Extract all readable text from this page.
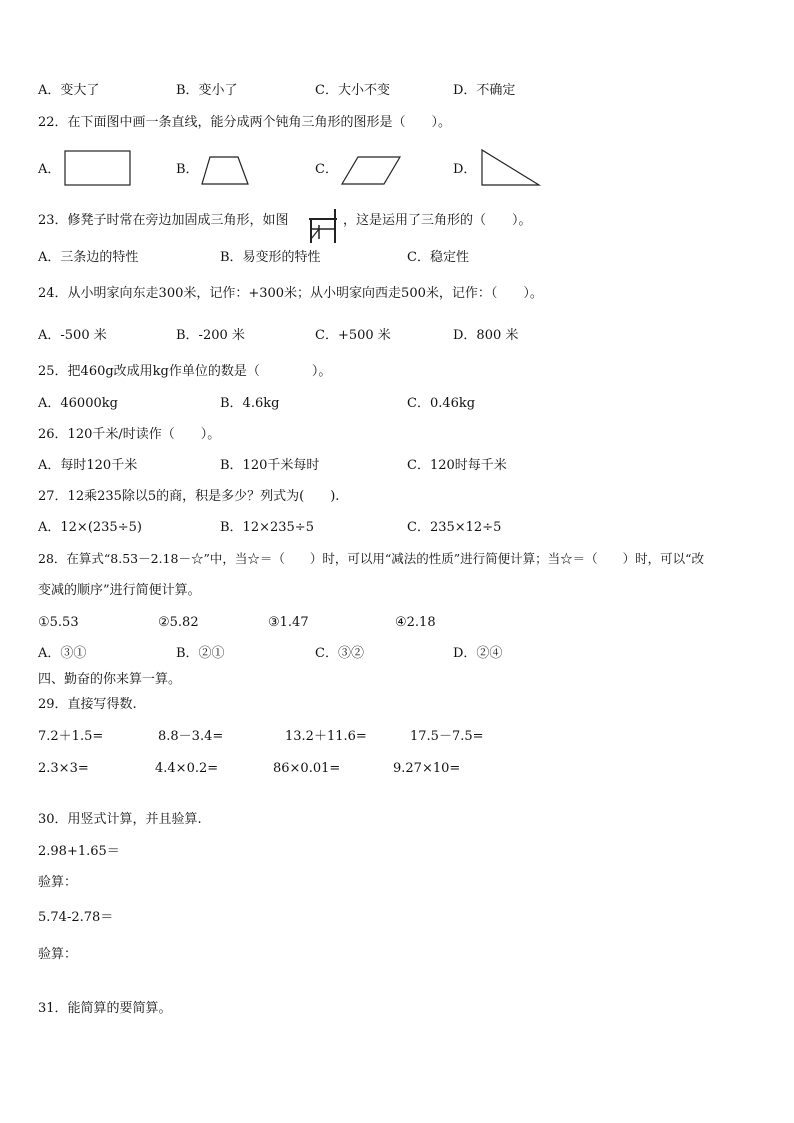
A．变大了	B．变小了	C．大小不变	D．不确定
22．在下面图中画一条直线，能分成两个钝角三角形的图形是（　　）。
A．	B．	C．	D．
23．修凳子时常在旁边加固成三角形，如图	，这是运用了三角形的（　　）。
A．三条边的特性	B．易变形的特性	C．稳定性
24．从小明家向东走300米，记作：+300米；从小明家向西走500米，记作：（　　）。
A．-500 米	B．-200 米	C．+500 米	D．800 米
25．把460g改成用kg作单位的数是（　　　　）。
A．46000kg	B．4.6kg	C．0.46kg
26．120千米/时读作（　　）。
A．每时120千米	B．120千米每时	C．120时每千米
27．12乘235除以5的商，积是多少？列式为(　　).
A．12×(235÷5)	B．12×235÷5	C．235×12÷5
28．在算式“8.53－2.18－☆”中，当☆＝（　　）时，可以用“减法的性质”进行简便计算；当☆＝（　　）时，可以“改
变减的顺序”进行简便计算。
①5.53	②5.82	③1.47	④2.18
A．③①	B．②①	C．③②	D．②④
四、勤奋的你来算一算。
29．直接写得数.
7.2＋1.5=	8.8－3.4=	13.2＋11.6=	17.5－7.5=
2.3×3=	4.4×0.2=	86×0.01=	9.27×10=
30．用竖式计算，并且验算.
2.98+1.65＝
验算：
5.74-2.78＝
验算：
31．能简算的要简算。
